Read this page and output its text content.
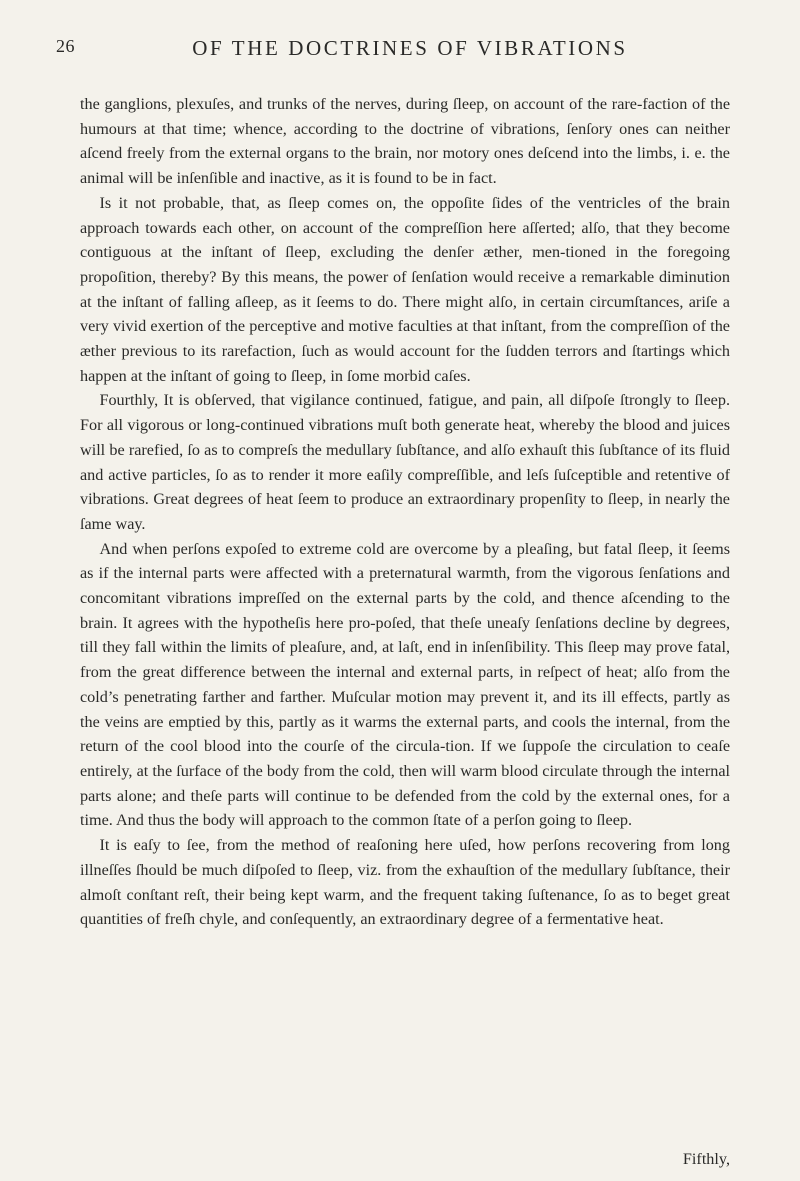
26	OF THE DOCTRINES OF VIBRATIONS

the ganglions, plexuſes, and trunks of the nerves, during ſleep, on account of the rare-faction of the humours at that time; whence, according to the doctrine of vibrations, ſenſory ones can neither aſcend freely from the external organs to the brain, nor motory ones deſcend into the limbs, i. e. the animal will be inſenſible and inactive, as it is found to be in fact.

Is it not probable, that, as ſleep comes on, the oppoſite ſides of the ventricles of the brain approach towards each other, on account of the compreſſion here aſſerted; alſo, that they become contiguous at the inſtant of ſleep, excluding the denſer æther, men-tioned in the foregoing propoſition, thereby? By this means, the power of ſenſation would receive a remarkable diminution at the inſtant of falling aſleep, as it ſeems to do. There might alſo, in certain circumſtances, ariſe a very vivid exertion of the perceptive and motive faculties at that inſtant, from the compreſſion of the æther previous to its rarefaction, ſuch as would account for the ſudden terrors and ſtartings which happen at the inſtant of going to ſleep, in ſome morbid caſes.

Fourthly, It is obſerved, that vigilance continued, fatigue, and pain, all diſpoſe ſtrongly to ſleep. For all vigorous or long-continued vibrations muſt both generate heat, whereby the blood and juices will be rarefied, ſo as to compreſs the medullary ſubſtance, and alſo exhauſt this ſubſtance of its fluid and active particles, ſo as to render it more eaſily compreſſible, and leſs ſuſceptible and retentive of vibrations. Great degrees of heat ſeem to produce an extraordinary propenſity to ſleep, in nearly the ſame way.

And when perſons expoſed to extreme cold are overcome by a pleaſing, but fatal ſleep, it ſeems as if the internal parts were affected with a preternatural warmth, from the vigorous ſenſations and concomitant vibrations impreſſed on the external parts by the cold, and thence aſcending to the brain. It agrees with the hypotheſis here pro-poſed, that theſe uneaſy ſenſations decline by degrees, till they fall within the limits of pleaſure, and, at laſt, end in inſenſibility. This ſleep may prove fatal, from the great difference between the internal and external parts, in reſpect of heat; alſo from the cold’s penetrating farther and farther. Muſcular motion may prevent it, and its ill effects, partly as the veins are emptied by this, partly as it warms the external parts, and cools the internal, from the return of the cool blood into the courſe of the circula-tion. If we ſuppoſe the circulation to ceaſe entirely, at the ſurface of the body from the cold, then will warm blood circulate through the internal parts alone; and theſe parts will continue to be defended from the cold by the external ones, for a time. And thus the body will approach to the common ſtate of a perſon going to ſleep.

It is eaſy to ſee, from the method of reaſoning here uſed, how perſons recovering from long illneſſes ſhould be much diſpoſed to ſleep, viz. from the exhauſtion of the medullary ſubſtance, their almoſt conſtant reſt, their being kept warm, and the frequent taking ſuſtenance, ſo as to beget great quantities of freſh chyle, and conſequently, an extraordinary degree of a fermentative heat.

Fifthly,
